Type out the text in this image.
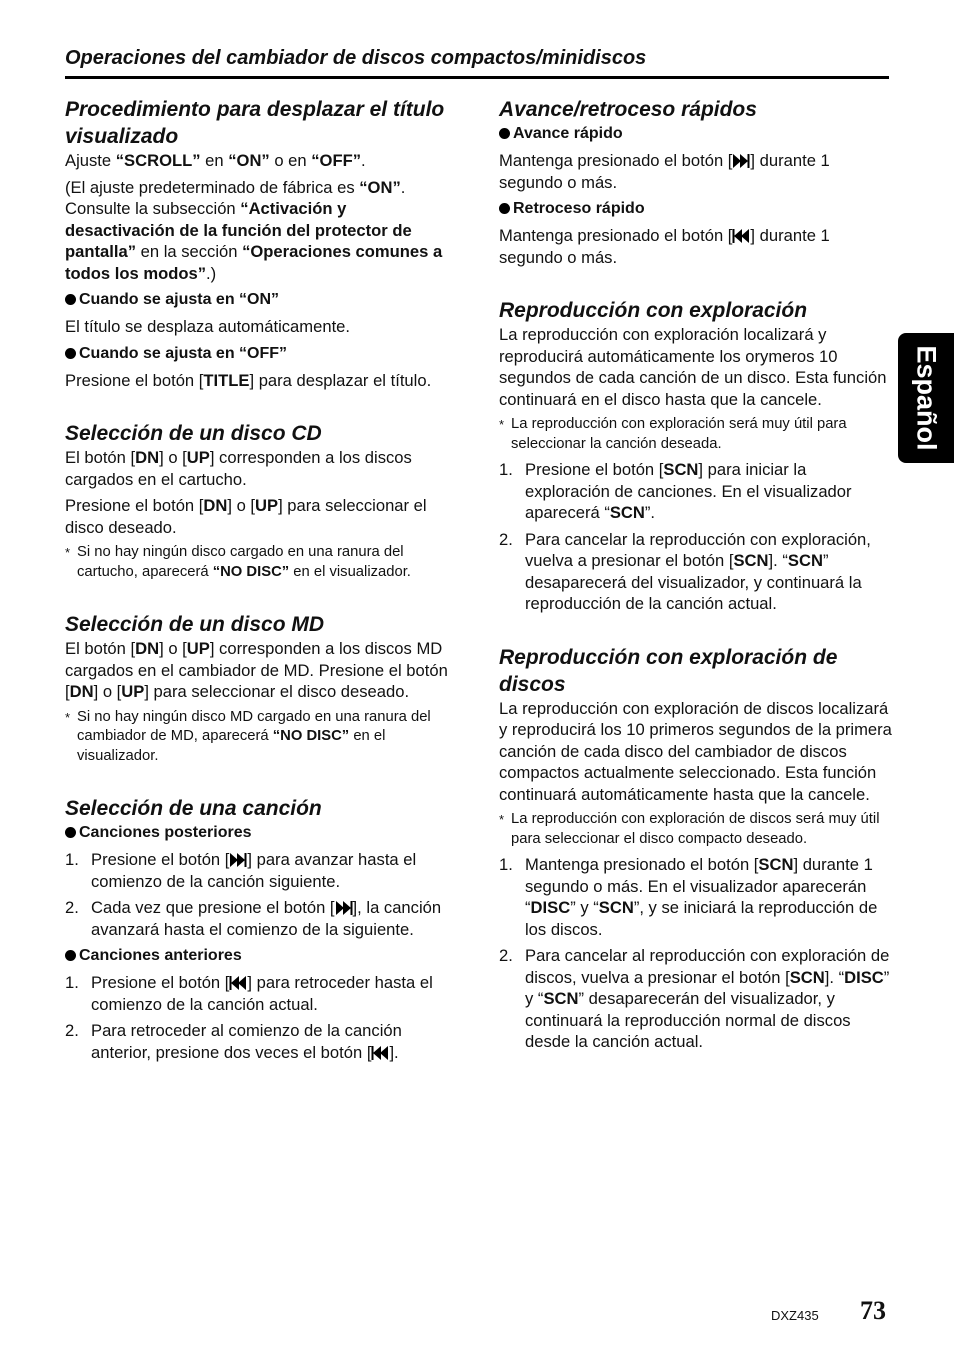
Operaciones del cambiador de discos compactos/minidiscos
Español
Procedimiento para desplazar el título visualizado

Ajuste “SCROLL” en “ON” o en “OFF”.

(El ajuste predeterminado de fábrica es “ON”. Consulte la subsección “Activación y desactivación de la función del protector de pantalla” en la sección “Operaciones comunes a todos los modos”.)

Cuando se ajusta en “ON”

El título se desplaza automáticamente.

Cuando se ajusta en “OFF”

Presione el botón [TITLE] para desplazar el título.

Selección de un disco CD

El botón [DN] o [UP] corresponden a los discos cargados en el cartucho.

Presione el botón [DN] o [UP] para seleccionar el disco deseado.

* Si no hay ningún disco cargado en una ranura del cartucho, aparecerá “NO DISC” en el visualizador.
Selección de un disco MD

El botón [DN] o [UP] corresponden a los discos MD cargados en el cambiador de MD. Presione el botón [DN] o [UP] para seleccionar el disco deseado.

* Si no hay ningún disco MD cargado en una ranura del cambiador de MD, aparecerá “NO DISC” en el visualizador.
Selección de una canción
Canciones posteriores
1. Presione el botón [ ] para avanzar hasta el comienzo de la canción siguiente.
2. Cada vez que presione el botón [ ], la canción avanzará hasta el comienzo de la siguiente.
Canciones anteriores
1. Presione el botón [ ] para retroceder hasta el comienzo de la canción actual.
2. Para retroceder al comienzo de la canción anterior, presione dos veces el botón [ ].
Avance/retroceso rápidos
Avance rápido

Mantenga presionado el botón [ ] durante 1 segundo o más.

Retroceso rápido

Mantenga presionado el botón [ ] durante 1 segundo o más.

Reproducción con exploración

La reproducción con exploración localizará y reproducirá automáticamente los orymeros 10 segundos de cada canción de un disco. Esta función continuará en el disco hasta que la cancele.

* La reproducción con exploración será muy útil para seleccionar la canción deseada.
1. Presione el botón [SCN] para iniciar la exploración de canciones. En el visualizador aparecerá “SCN”.
2. Para cancelar la reproducción con exploración, vuelva a presionar el botón [SCN]. “SCN” desaparecerá del visualizador, y continuará la reproducción de la canción actual.
Reproducción con exploración de discos

La reproducción con exploración de discos localizará y reproducirá los 10 primeros segundos de la primera canción de cada disco del cambiador de discos compactos actualmente seleccionado. Esta función continuará automáticamente hasta que la cancele.

* La reproducción con exploración de discos será muy útil para seleccionar el disco compacto deseado.
1. Mantenga presionado el botón [SCN] durante 1 segundo o más. En el visualizador aparecerán “DISC” y “SCN”, y se iniciará la reproducción de los discos.
2. Para cancelar al reproducción con exploración de discos, vuelva a presionar el botón [SCN]. “DISC” y “SCN” desaparecerán del visualizador, y continuará la reproducción normal de discos desde la canción actual.
DXZ435 73
